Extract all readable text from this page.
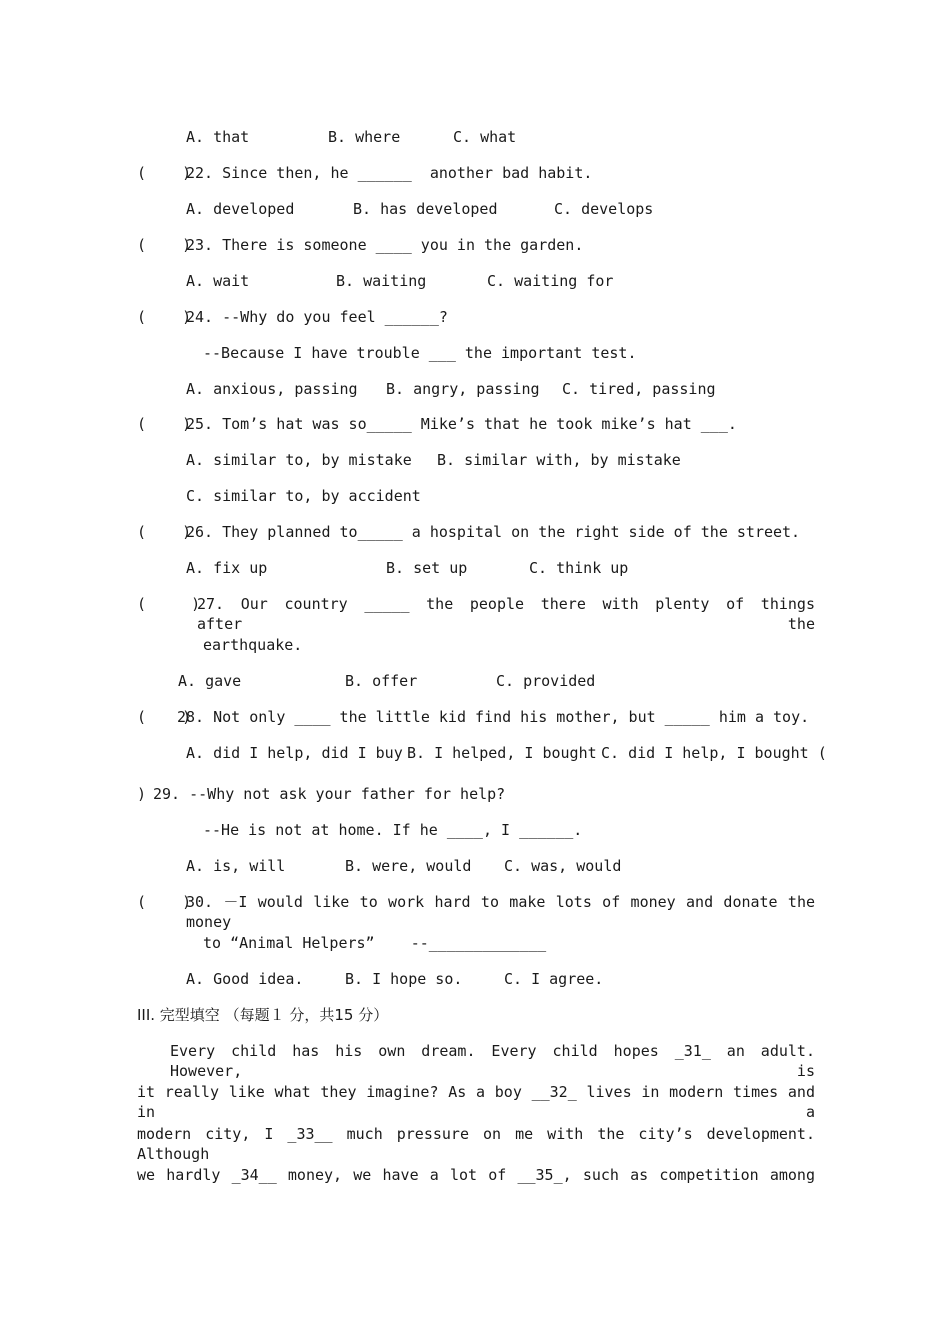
A. that	B. where	C. what
(    )
22. Since then, he ______  another bad habit.
A. developed	B. has developed	C. develops
(    )
23. There is someone ____ you in the garden.
A. wait	B. waiting	C. waiting for
(    )
24. --Why do you feel ______?
--Because I have trouble ___ the important test.
A. anxious, passing B. angry, passing C. tired, passing
(    )
25. Tom’s hat was so_____ Mike’s that he took mike’s hat ___.
A. similar to, by mistake B. similar with, by mistake
C. similar to, by accident
(    )
26. They planned to_____ a hospital on the right side of the street.
A. fix up	B. set up	C. think up
(     )
27. Our country _____ the people there with plenty of things after the
earthquake.
A. gave	B. offer	C. provided
(    )
28. Not only ____ the little kid find his mother, but _____ him a toy.
A. did I help, did I buy B. I helped, I bought C. did I help, I bought (
) 29. --Why not ask your father for help?
--He is not at home. If he ____, I ______.
A. is, will	B. were, would C. was, would
(    )
30. －I would like to work hard to make lots of money and donate the money
to “Animal Helpers”    --_____________
A. Good idea.	B. I hope so.	C. I agree.
III. 完型填空 （每题１ 分，共15 分）
Every child has his own dream. Every child hopes _31_ an adult. However, is
it really like what they imagine? As a boy __32_ lives in modern times and in a
modern city, I _33__ much pressure on me with the city’s development. Although
we hardly _34__ money, we have a lot of __35_, such as competition among
